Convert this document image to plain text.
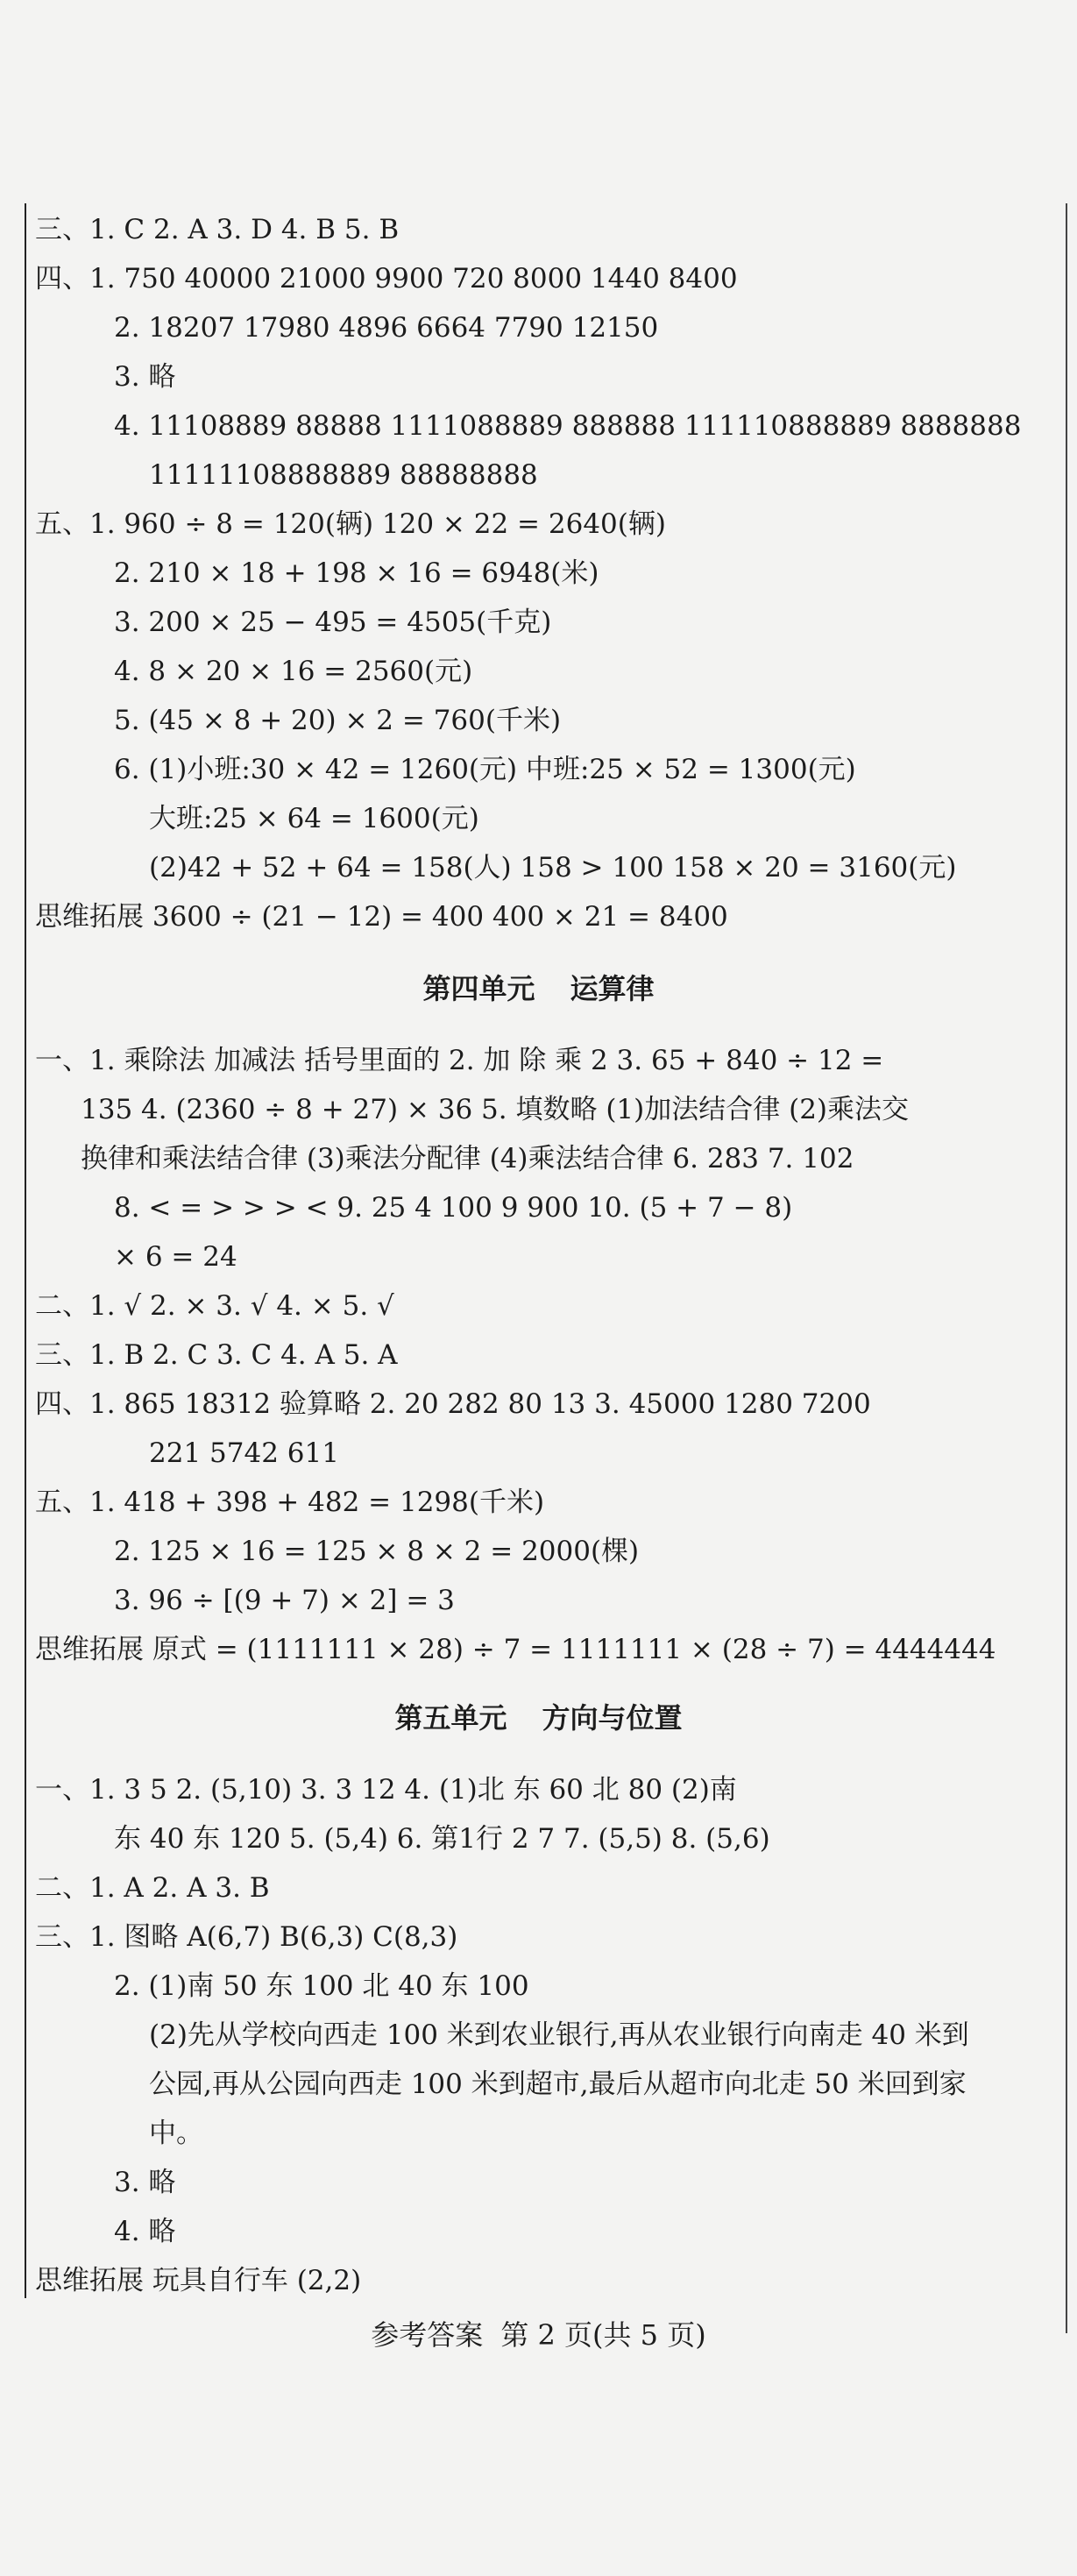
三、1. C 2. A 3. D 4. B 5. B
四、1. 750 40000 21000 9900 720 8000 1440 8400
2. 18207 17980 4896 6664 7790 12150
3. 略
4. 11108889 88888 1111088889 888888 111110888889 8888888
11111108888889 88888888
五、1. 960 ÷ 8 = 120(辆) 120 × 22 = 2640(辆)
2. 210 × 18 + 198 × 16 = 6948(米)
3. 200 × 25 − 495 = 4505(千克)
4. 8 × 20 × 16 = 2560(元)
5. (45 × 8 + 20) × 2 = 760(千米)
6. (1)小班:30 × 42 = 1260(元) 中班:25 × 52 = 1300(元)
大班:25 × 64 = 1600(元)
(2)42 + 52 + 64 = 158(人) 158 > 100 158 × 20 = 3160(元)
思维拓展 3600 ÷ (21 − 12) = 400 400 × 21 = 8400
第四单元 运算律
一、1. 乘除法 加减法 括号里面的 2. 加 除 乘 2 3. 65 + 840 ÷ 12 =
135 4. (2360 ÷ 8 + 27) × 36 5. 填数略 (1)加法结合律 (2)乘法交
换律和乘法结合律 (3)乘法分配律 (4)乘法结合律 6. 283 7. 102
8. < = > > > < 9. 25 4 100 9 900 10. (5 + 7 − 8)
× 6 = 24
二、1. √ 2. × 3. √ 4. × 5. √
三、1. B 2. C 3. C 4. A 5. A
四、1. 865 18312 验算略 2. 20 282 80 13 3. 45000 1280 7200
221 5742 611
五、1. 418 + 398 + 482 = 1298(千米)
2. 125 × 16 = 125 × 8 × 2 = 2000(棵)
3. 96 ÷ [(9 + 7) × 2] = 3
思维拓展 原式 = (1111111 × 28) ÷ 7 = 1111111 × (28 ÷ 7) = 4444444
第五单元 方向与位置
一、1. 3 5 2. (5,10) 3. 3 12 4. (1)北 东 60 北 80 (2)南
东 40 东 120 5. (5,4) 6. 第1行 2 7 7. (5,5) 8. (5,6)
二、1. A 2. A 3. B
三、1. 图略 A(6,7) B(6,3) C(8,3)
2. (1)南 50 东 100 北 40 东 100
(2)先从学校向西走 100 米到农业银行,再从农业银行向南走 40 米到
公园,再从公园向西走 100 米到超市,最后从超市向北走 50 米回到家
中。
3. 略
4. 略
思维拓展 玩具自行车 (2,2)
参考答案 第 2 页(共 5 页)
